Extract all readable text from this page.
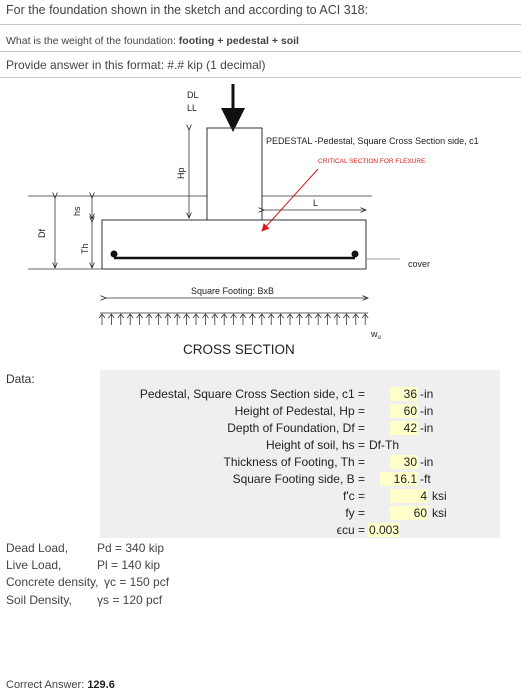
For the foundation shown in the sketch and according to ACI 318:
What is the weight of the foundation: footing + pedestal + soil
Provide answer in this format: #.# kip (1 decimal)
DL
LL
PEDESTAL -Pedestal, Square Cross Section side, c1
CRITICAL SECTION FOR FLEXURE
Hp
cover
L
hs
Th
Df
Square Footing: BxB
$w_u$
CROSS SECTION
Data:
Pedestal, Square Cross Section side, c1 =	36 -in
Height of Pedestal, Hp =	60 -in
Depth of Foundation, Df =	42 -in
Height of soil, hs = Df-Th
Thickness of Footing, Th =	30 -in
Square Footing side, B =	16.1 -ft
f'c =	4 ksi
fy =	60 ksi
ϵcu = 0.003
Dead Load, Pd = 340 kip
Live Load,	Pl = 140 kip
Concrete density, γc = 150 pcf
Soil Density, γs = 120 pcf
Correct Answer: 129.6
